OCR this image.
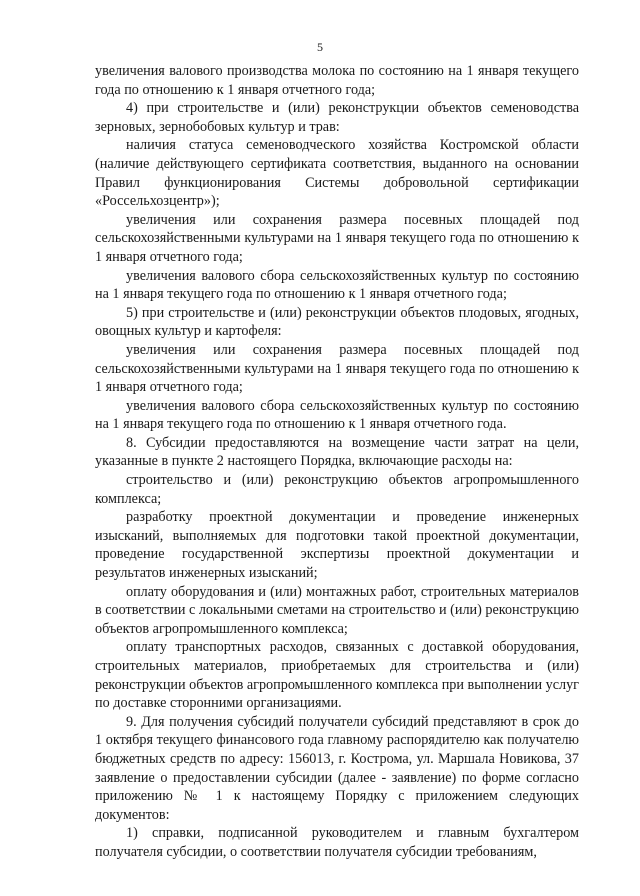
5

увеличения валового производства молока по состоянию на 1 января текущего года по отношению к 1 января отчетного года;

4) при строительстве и (или) реконструкции объектов семеноводства зерновых, зернобобовых культур и трав:

наличия статуса семеноводческого хозяйства Костромской области (наличие действующего сертификата соответствия, выданного на основании Правил функционирования Системы добровольной сертификации «Россельхозцентр»);

увеличения или сохранения размера посевных площадей под сельскохозяйственными культурами на 1 января текущего года по отношению к 1 января отчетного года;

увеличения валового сбора сельскохозяйственных культур по состоянию на 1 января текущего года по отношению к 1 января отчетного года;

5) при строительстве и (или) реконструкции объектов плодовых, ягодных, овощных культур и картофеля:

увеличения или сохранения размера посевных площадей под сельскохозяйственными культурами на 1 января текущего года по отношению к 1 января отчетного года;

увеличения валового сбора сельскохозяйственных культур по состоянию на 1 января текущего года по отношению к 1 января отчетного года.

8. Субсидии предоставляются на возмещение части затрат на цели, указанные в пункте 2 настоящего Порядка, включающие расходы на:

строительство и (или) реконструкцию объектов агропромышленного комплекса;

разработку проектной документации и проведение инженерных изысканий, выполняемых для подготовки такой проектной документации, проведение государственной экспертизы проектной документации и результатов инженерных изысканий;

оплату оборудования и (или) монтажных работ, строительных материалов в соответствии с локальными сметами на строительство и (или) реконструкцию объектов агропромышленного комплекса;

оплату транспортных расходов, связанных с доставкой оборудования, строительных материалов, приобретаемых для строительства и (или) реконструкции объектов агропромышленного комплекса при выполнении услуг по доставке сторонними организациями.

9. Для получения субсидий получатели субсидий представляют в срок до 1 октября текущего финансового года главному распорядителю как получателю бюджетных средств по адресу: 156013, г. Кострома, ул. Маршала Новикова, 37 заявление о предоставлении субсидии (далее - заявление) по форме согласно приложению № 1 к настоящему Порядку с приложением следующих документов:

1) справки, подписанной руководителем и главным бухгалтером получателя субсидии, о соответствии получателя субсидии требованиям,
